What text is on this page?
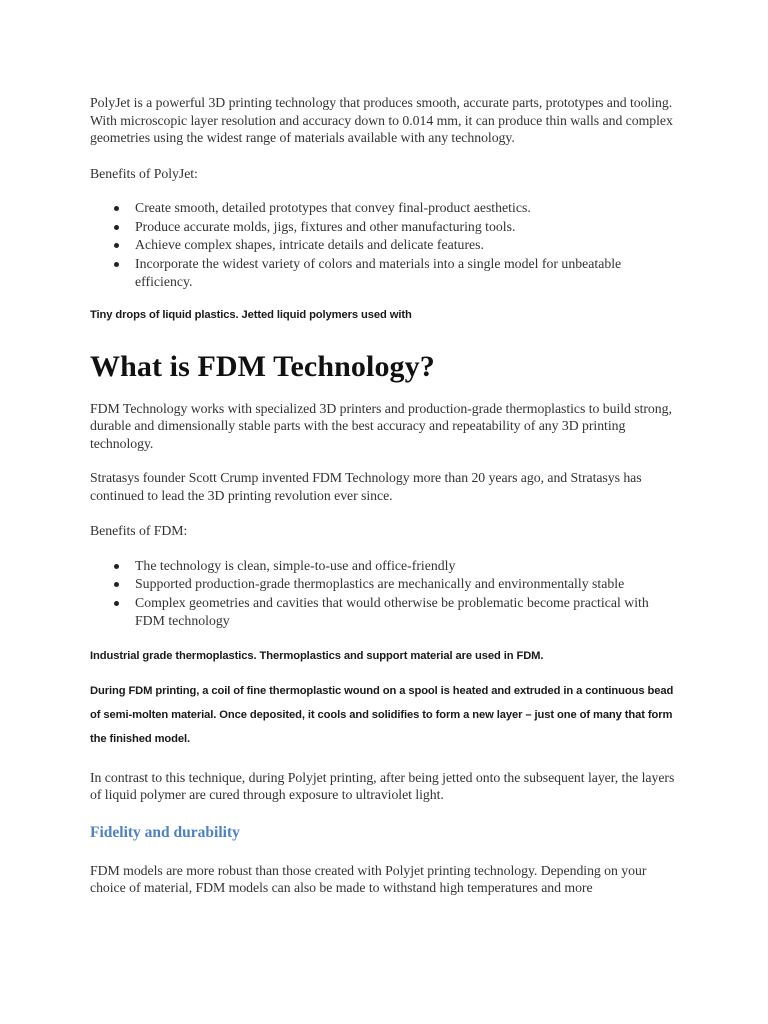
PolyJet is a powerful 3D printing technology that produces smooth, accurate parts, prototypes and tooling. With microscopic layer resolution and accuracy down to 0.014 mm, it can produce thin walls and complex geometries using the widest range of materials available with any technology.

Benefits of PolyJet:

Create smooth, detailed prototypes that convey final-product aesthetics.
Produce accurate molds, jigs, fixtures and other manufacturing tools.
Achieve complex shapes, intricate details and delicate features.
Incorporate the widest variety of colors and materials into a single model for unbeatable efficiency.

Tiny drops of liquid plastics. Jetted liquid polymers used with

What is FDM Technology?

FDM Technology works with specialized 3D printers and production-grade thermoplastics to build strong, durable and dimensionally stable parts with the best accuracy and repeatability of any 3D printing technology.

Stratasys founder Scott Crump invented FDM Technology more than 20 years ago, and Stratasys has continued to lead the 3D printing revolution ever since.

Benefits of FDM:

The technology is clean, simple-to-use and office-friendly
Supported production-grade thermoplastics are mechanically and environmentally stable
Complex geometries and cavities that would otherwise be problematic become practical with FDM technology

Industrial grade thermoplastics. Thermoplastics and support material are used in FDM.

During FDM printing, a coil of fine thermoplastic wound on a spool is heated and extruded in a continuous bead of semi-molten material. Once deposited, it cools and solidifies to form a new layer – just one of many that form the finished model.

In contrast to this technique, during Polyjet printing, after being jetted onto the subsequent layer, the layers of liquid polymer are cured through exposure to ultraviolet light.

Fidelity and durability

FDM models are more robust than those created with Polyjet printing technology. Depending on your choice of material, FDM models can also be made to withstand high temperatures and more
